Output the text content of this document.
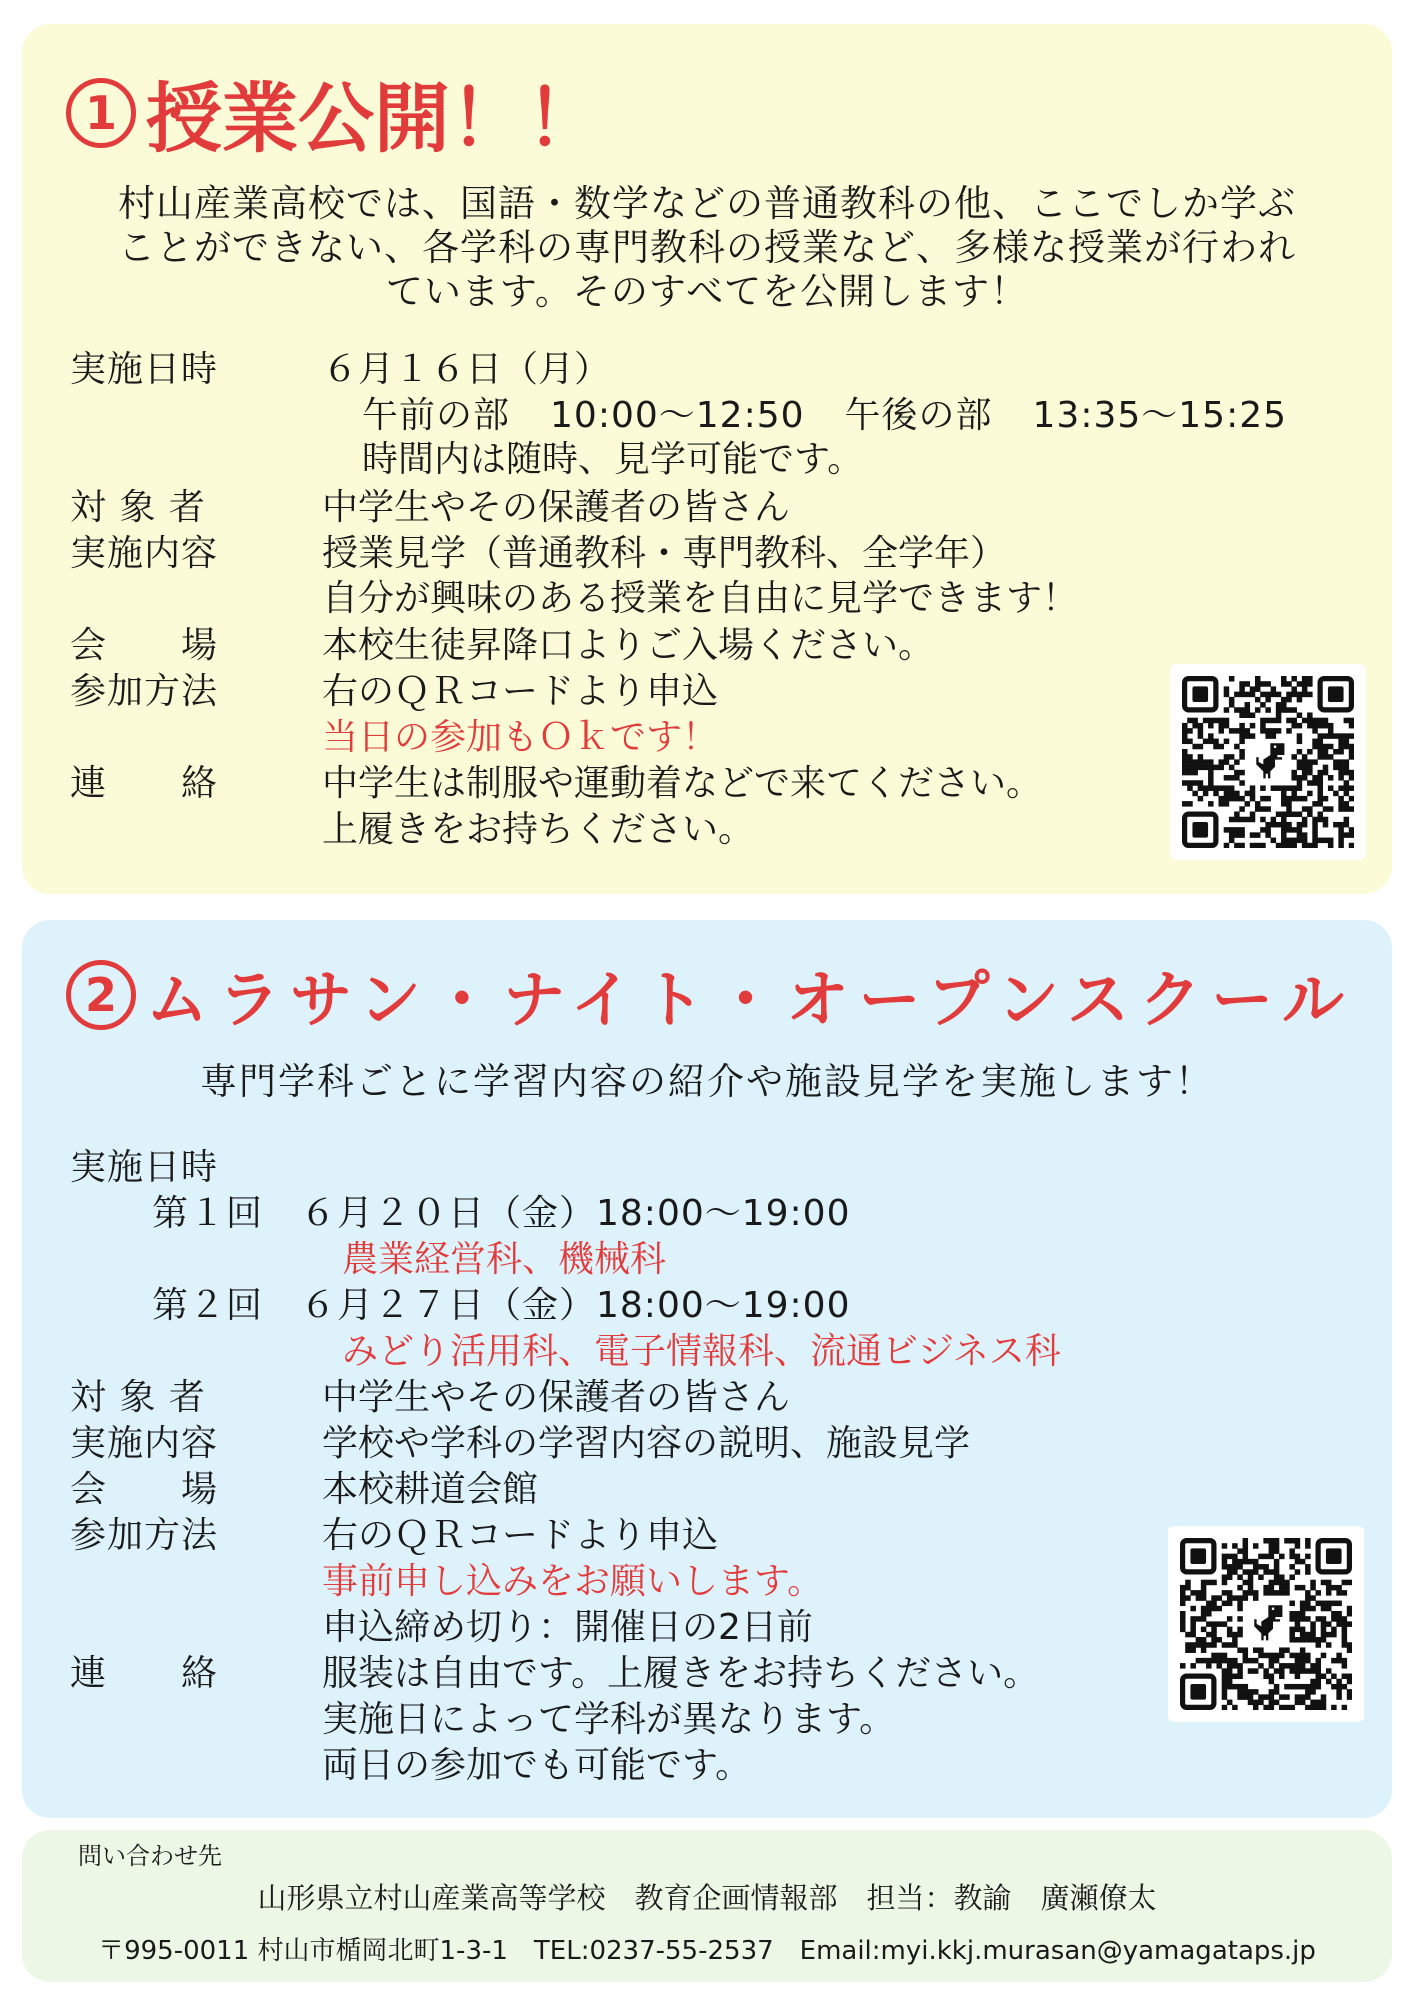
1 授業公開！！
村山産業高校では、国語・数学などの普通教科の他、ここでしか学ぶ
ことができない、各学科の専門教科の授業など、多様な授業が行われ
ています。そのすべてを公開します！
実施日時	６月１６日（月）
午前の部 10:00～12:50 午後の部 13:35～15:25
時間内は随時、見学可能です。
対 象 者	中学生やその保護者の皆さん
実施内容	授業見学（普通教科・専門教科、全学年）
自分が興味のある授業を自由に見学できます！
会　　場	本校生徒昇降口よりご入場ください。
参加方法	右のＱＲコードより申込
当日の参加もＯｋです！
連　　絡	中学生は制服や運動着などで来てください。
上履きをお持ちください。
2 ムラサン・ナイト・オープンスクール
専門学科ごとに学習内容の紹介や施設見学を実施します！
実施日時
第１回　６月２０日（金）18:00～19:00
農業経営科、機械科
第２回　６月２７日（金）18:00～19:00
みどり活用科、電子情報科、流通ビジネス科
対 象 者	中学生やその保護者の皆さん
実施内容	学校や学科の学習内容の説明、施設見学
会　　場	本校耕道会館
参加方法	右のＱＲコードより申込
事前申し込みをお願いします。
申込締め切り：開催日の2日前
連　　絡	服装は自由です。上履きをお持ちください。
実施日によって学科が異なります。
両日の参加でも可能です。
問い合わせ先
山形県立村山産業高等学校　教育企画情報部　担当：教諭　廣瀬僚太
〒995-0011 村山市楯岡北町1-3-1　TEL:0237-55-2537　Email:myi.kkj.murasan@yamagataps.jp
